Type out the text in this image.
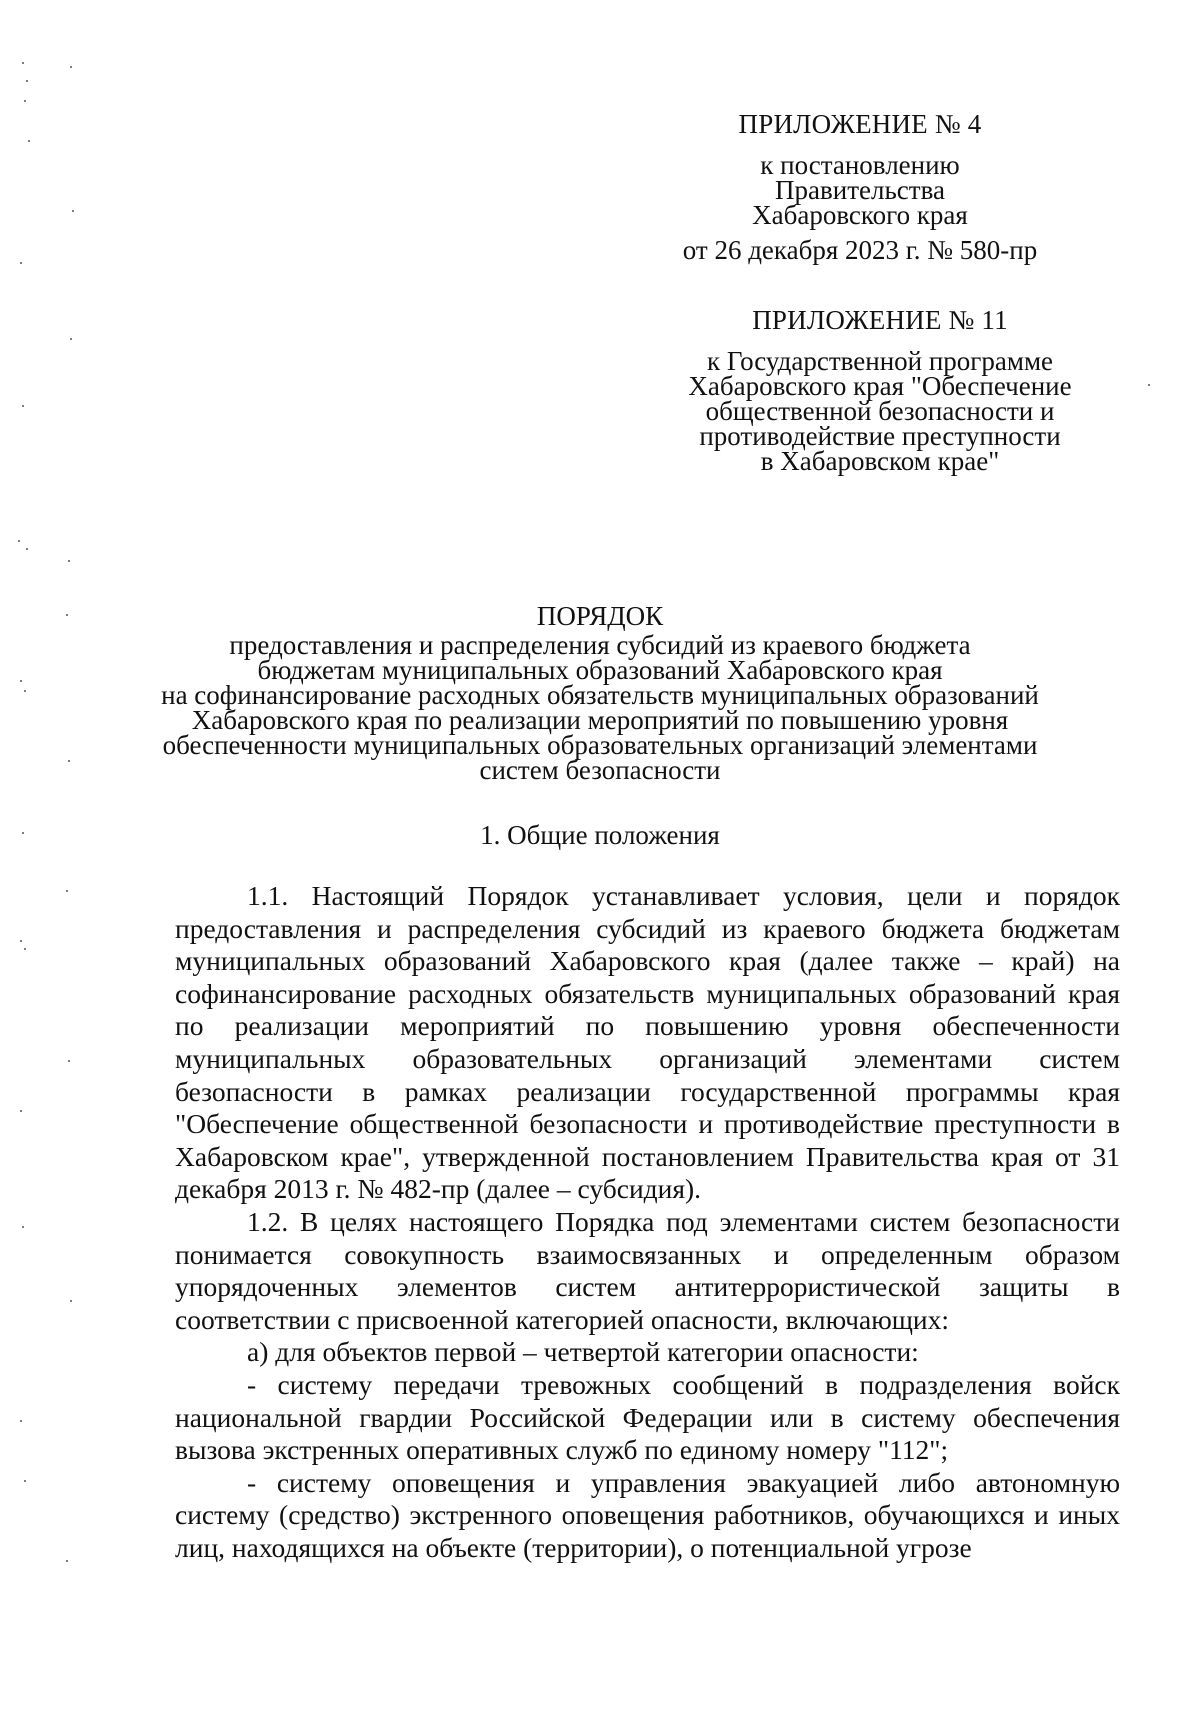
ПРИЛОЖЕНИЕ № 4
к постановлению
Правительства
Хабаровского края
от 26 декабря 2023 г. № 580-пр
ПРИЛОЖЕНИЕ № 11
к Государственной программе
Хабаровского края "Обеспечение
общественной безопасности и
противодействие преступности
в Хабаровском крае"
ПОРЯДОК
предоставления и распределения субсидий из краевого бюджета
бюджетам муниципальных образований Хабаровского края
на софинансирование расходных обязательств муниципальных образований
Хабаровского края по реализации мероприятий по повышению уровня
обеспеченности муниципальных образовательных организаций элементами
систем безопасности
1. Общие положения

1.1. Настоящий Порядок устанавливает условия, цели и порядок предоставления и распределения субсидий из краевого бюджета бюджетам муниципальных образований Хабаровского края (далее также – край) на софинансирование расходных обязательств муниципальных образований края по реализации мероприятий по повышению уровня обеспеченности муниципальных образовательных организаций элементами систем безопасности в рамках реализации государственной программы края "Обеспечение общественной безопасности и противодействие преступности в Хабаровском крае", утвержденной постановлением Правительства края от 31 декабря 2013 г. № 482-пр (далее – субсидия).

1.2. В целях настоящего Порядка под элементами систем безопасности понимается совокупность взаимосвязанных и определенным образом упорядоченных элементов систем антитеррористической защиты в соответствии с присвоенной категорией опасности, включающих:

а) для объектов первой – четвертой категории опасности:

- систему передачи тревожных сообщений в подразделения войск национальной гвардии Российской Федерации или в систему обеспечения вызова экстренных оперативных служб по единому номеру "112";

- систему оповещения и управления эвакуацией либо автономную систему (средство) экстренного оповещения работников, обучающихся и иных лиц, находящихся на объекте (территории), о потенциальной угрозе
